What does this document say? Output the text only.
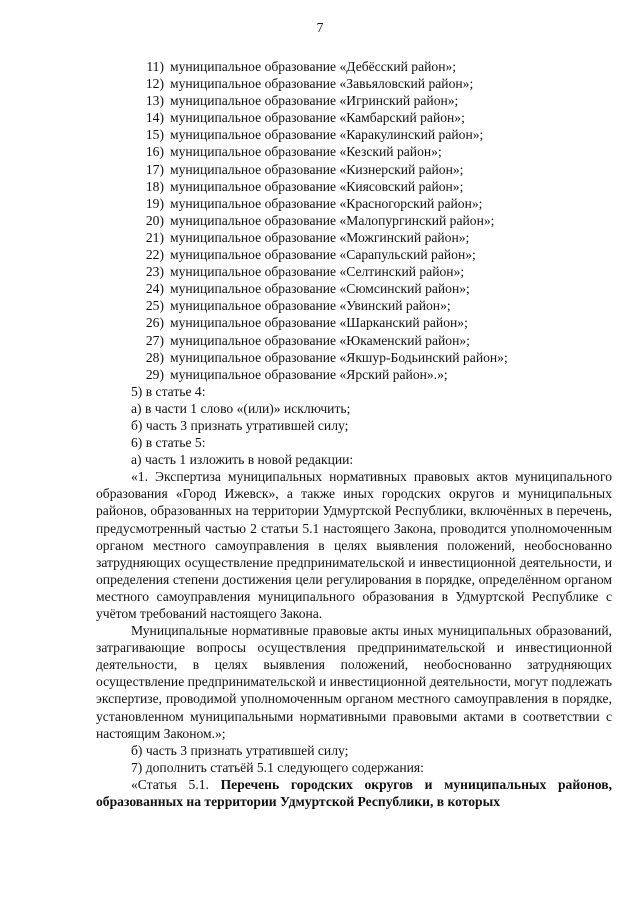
7
11) муниципальное образование «Дебёсский район»;
12) муниципальное образование «Завьяловский район»;
13) муниципальное образование «Игринский район»;
14) муниципальное образование «Камбарский район»;
15) муниципальное образование «Каракулинский район»;
16) муниципальное образование «Кезский район»;
17) муниципальное образование «Кизнерский район»;
18) муниципальное образование «Киясовский район»;
19) муниципальное образование «Красногорский район»;
20) муниципальное образование «Малопургинский район»;
21) муниципальное образование «Можгинский район»;
22) муниципальное образование «Сарапульский район»;
23) муниципальное образование «Селтинский район»;
24) муниципальное образование «Сюмсинский район»;
25) муниципальное образование «Увинский район»;
26) муниципальное образование «Шарканский район»;
27) муниципальное образование «Юкаменский район»;
28) муниципальное образование «Якшур-Бодьинский район»;
29) муниципальное образование «Ярский район».»;
5) в статье 4:
а) в части 1 слово «(или)» исключить;
б) часть 3 признать утратившей силу;
6) в статье 5:
а) часть 1 изложить в новой редакции:

«1. Экспертиза муниципальных нормативных правовых актов муниципального образования «Город Ижевск», а также иных городских округов и муниципальных районов, образованных на территории Удмуртской Республики, включённых в перечень, предусмотренный частью 2 статьи 5.1 настоящего Закона, проводится уполномоченным органом местного самоуправления в целях выявления положений, необоснованно затрудняющих осуществление предпринимательской и инвестиционной деятельности, и определения степени достижения цели регулирования в порядке, определённом органом местного самоуправления муниципального образования в Удмуртской Республике с учётом требований настоящего Закона.

Муниципальные нормативные правовые акты иных муниципальных образований, затрагивающие вопросы осуществления предпринимательской и инвестиционной деятельности, в целях выявления положений, необоснованно затрудняющих осуществление предпринимательской и инвестиционной деятельности, могут подлежать экспертизе, проводимой уполномоченным органом местного самоуправления в порядке, установленном муниципальными нормативными правовыми актами в соответствии с настоящим Законом.»;

б) часть 3 признать утратившей силу;
7) дополнить статьёй 5.1 следующего содержания:

«Статья 5.1. Перечень городских округов и муниципальных районов, образованных на территории Удмуртской Республики, в которых
